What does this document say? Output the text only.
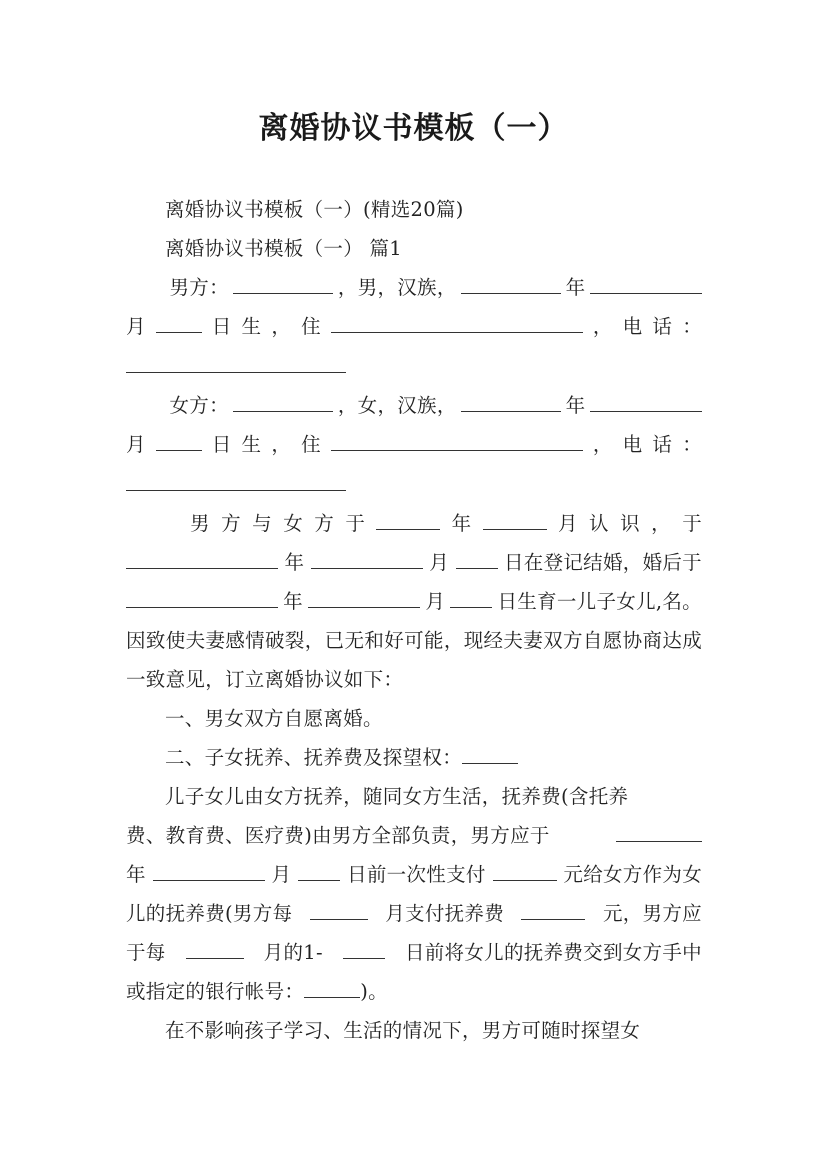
离婚协议书模板（一）

离婚协议书模板（一）(精选20篇)

离婚协议书模板（一） 篇1

男方：	，男，汉族，	年
月	日 生 ， 住	， 电 话 ：
女方：	，女，汉族，	年
月	日 生 ， 住	， 电 话 ：
男 方 与 女 方 于	年	月 认 识 ， 于
年	月	日在登记结婚，婚后于
年	月	日生育一儿子女儿,名。

因致使夫妻感情破裂，已无和好可能，现经夫妻双方自愿协商达成一致意见，订立离婚协议如下：

一、男女双方自愿离婚。

二、子女抚养、抚养费及探望权：

儿子女儿由女方抚养，随同女方生活，抚养费(含托养

费、教育费、医疗费)由男方全部负责，男方应于
年	月	日前一次性支付	元给女方作为女
儿的抚养费(男方每	月支付抚养费	元，男方应
于每	月的1-	日前将女儿的抚养费交到女方手中

或指定的银行帐号：	)。

在不影响孩子学习、生活的情况下，男方可随时探望女
